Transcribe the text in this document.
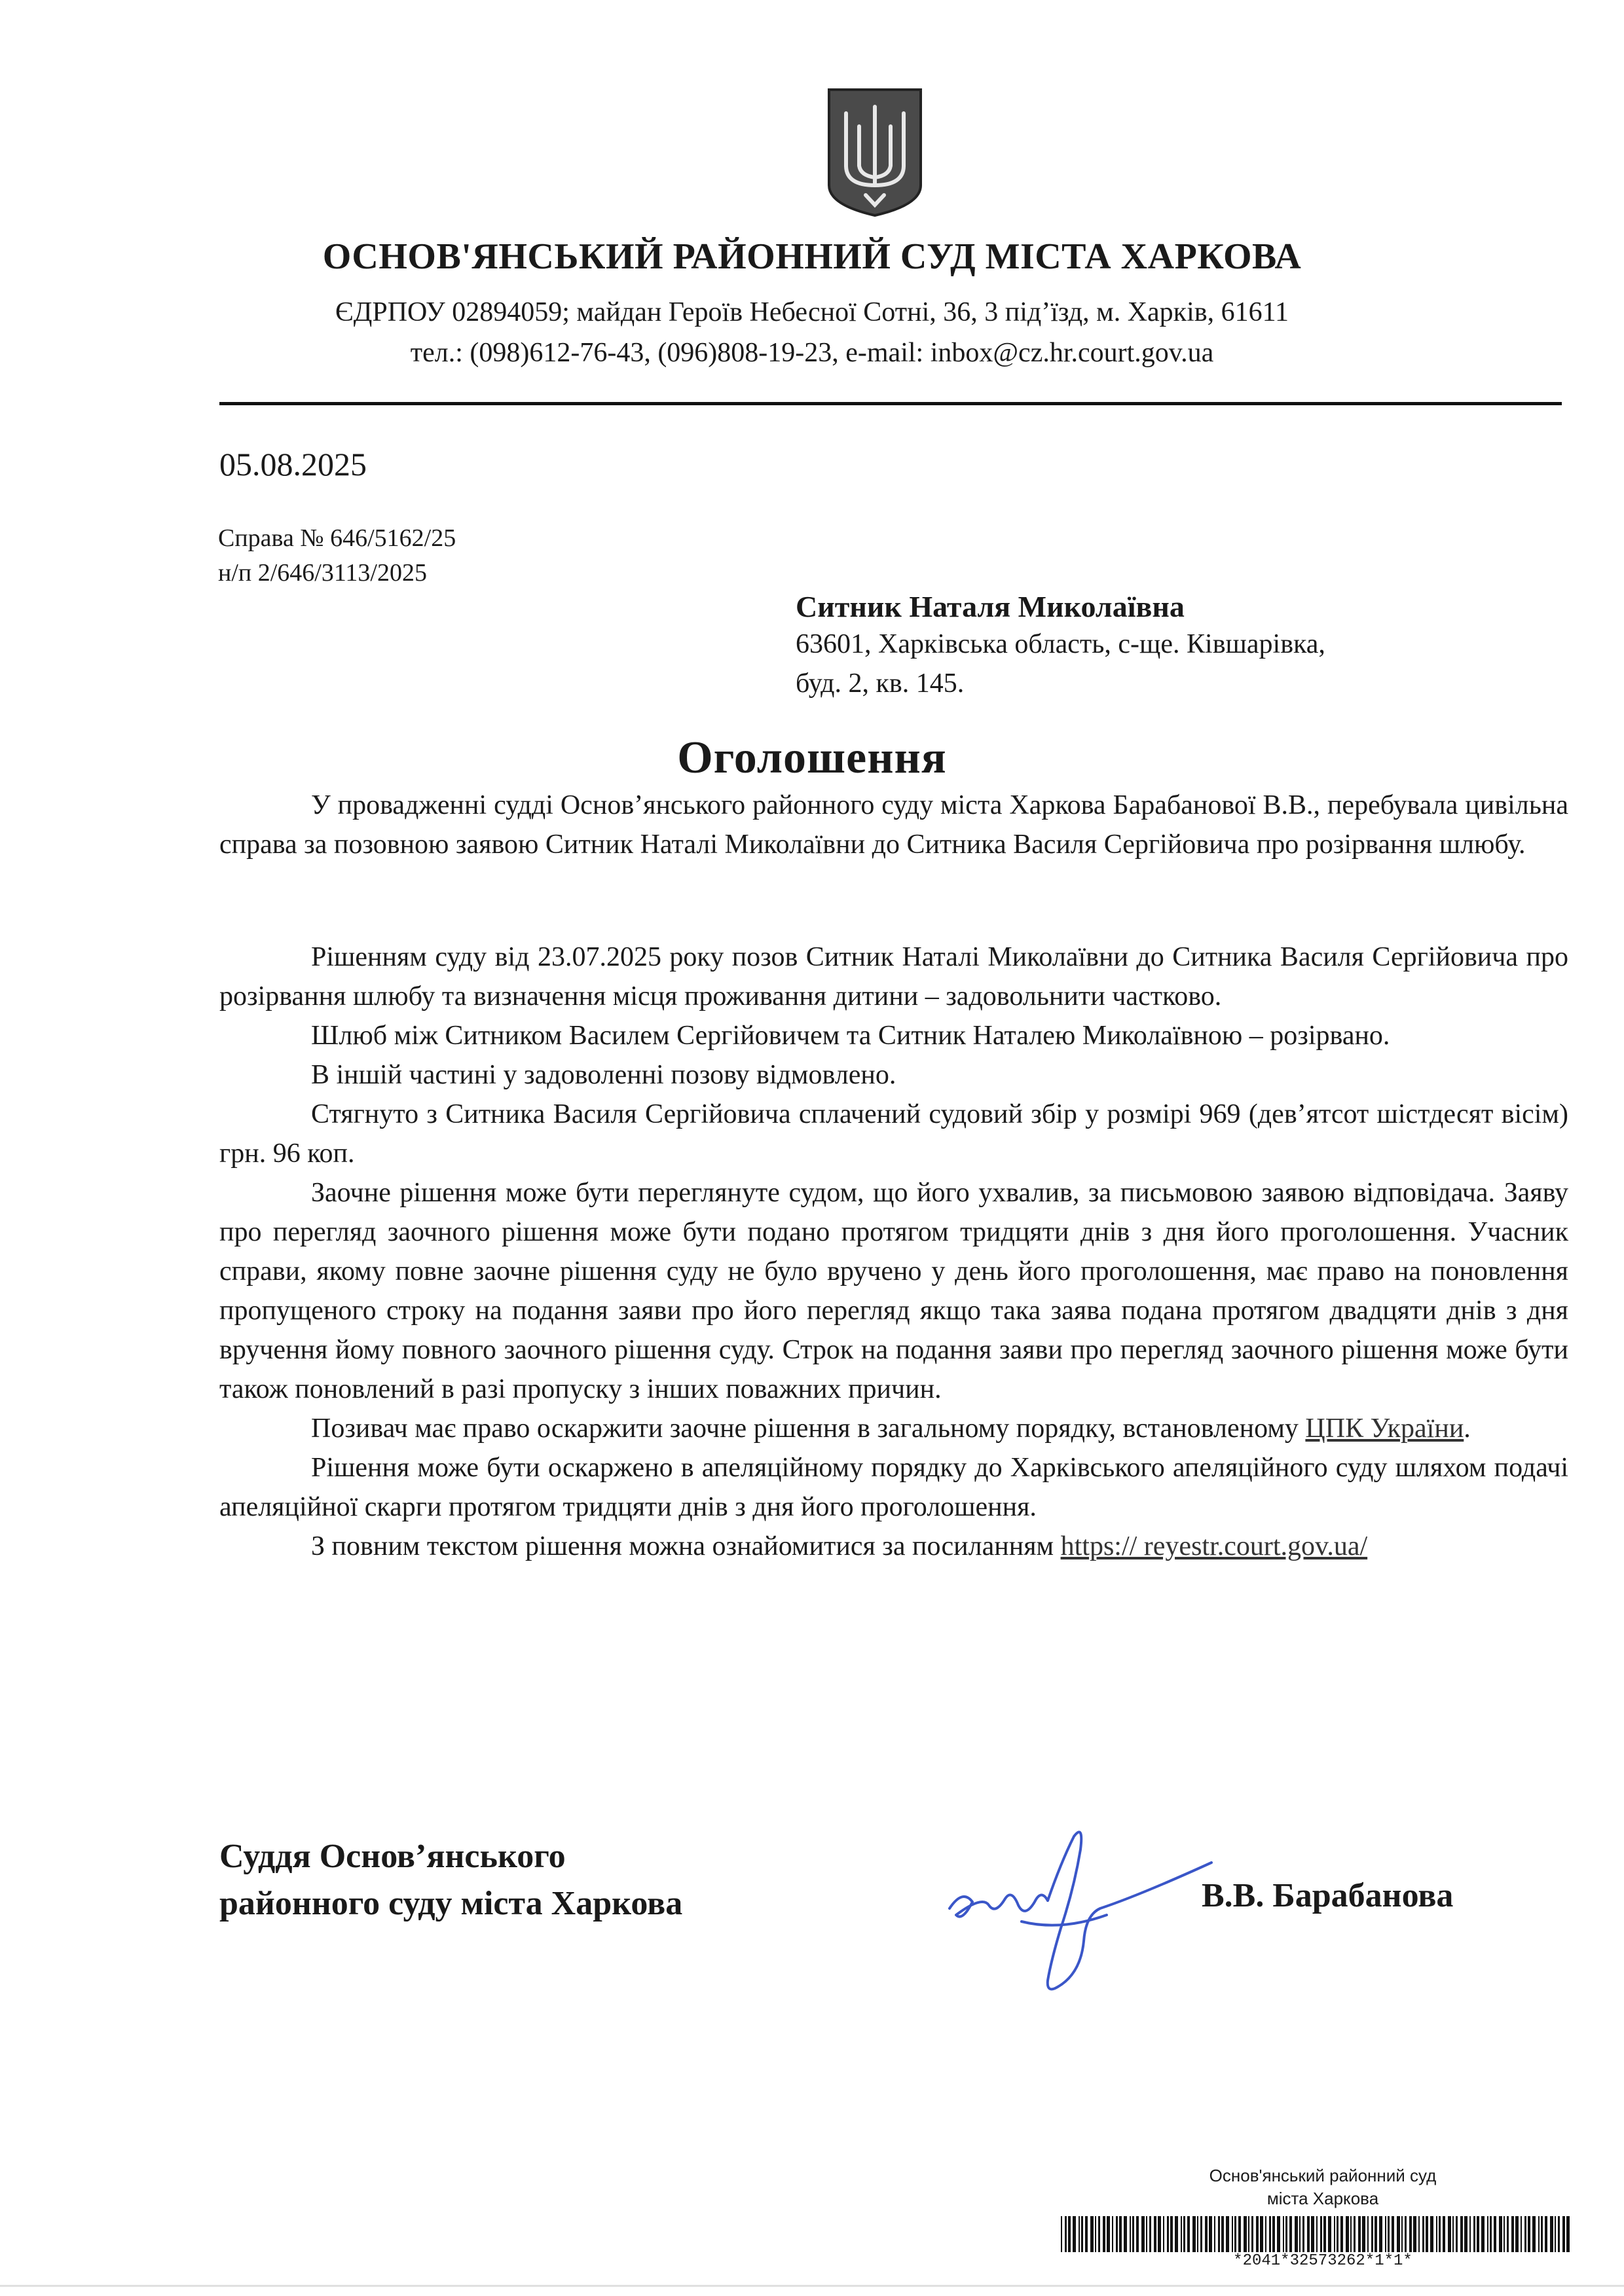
ОСНОВ'ЯНСЬКИЙ РАЙОННИЙ СУД МІСТА ХАРКОВА
ЄДРПОУ 02894059; майдан Героїв Небесної Сотні, 36, 3 під’їзд, м. Харків, 61611
тел.: (098)612-76-43, (096)808-19-23, e-mail: inbox@cz.hr.court.gov.ua
05.08.2025
Справа № 646/5162/25
н/п 2/646/3113/2025
Ситник Наталя Миколаївна
63601, Харківська область, с-ще. Ківшарівка,
буд. 2, кв. 145.
Оголошення

У провадженні судді Основ’янського районного суду міста Харкова Барабанової В.В., перебувала цивільна справа за позовною заявою Ситник Наталі Миколаївни до Ситника Василя Сергійовича про розірвання шлюбу.

Рішенням суду від 23.07.2025 року позов Ситник Наталі Миколаївни до Ситника Василя Сергійовича про розірвання шлюбу та визначення місця проживання дитини – задовольнити частково.

Шлюб між Ситником Василем Сергійовичем та Ситник Наталею Миколаївною – розірвано.

В іншій частині у задоволенні позову відмовлено.

Стягнуто з Ситника Василя Сергійовича сплачений судовий збір у розмірі 969 (дев’ятсот шістдесят вісім) грн. 96 коп.

Заочне рішення може бути переглянуте судом, що його ухвалив, за письмовою заявою відповідача. Заяву про перегляд заочного рішення може бути подано протягом тридцяти днів з дня його проголошення. Учасник справи, якому повне заочне рішення суду не було вручено у день його проголошення, має право на поновлення пропущеного строку на подання заяви про його перегляд якщо така заява подана протягом двадцяти днів з дня вручення йому повного заочного рішення суду. Строк на подання заяви про перегляд заочного рішення може бути також поновлений в разі пропуску з інших поважних причин.

Позивач має право оскаржити заочне рішення в загальному порядку, встановленому ЦПК України.

Рішення може бути оскаржено в апеляційному порядку до Харківського апеляційного суду шляхом подачі апеляційної скарги протягом тридцяти днів з дня його проголошення.

З повним текстом рішення можна ознайомитися за посиланням https:// reyestr.court.gov.ua/

Суддя Основ’янського
районного суду міста Харкова	В.В. Барабанова
Основ'янський районний суд
міста Харкова
*2041*32573262*1*1*
